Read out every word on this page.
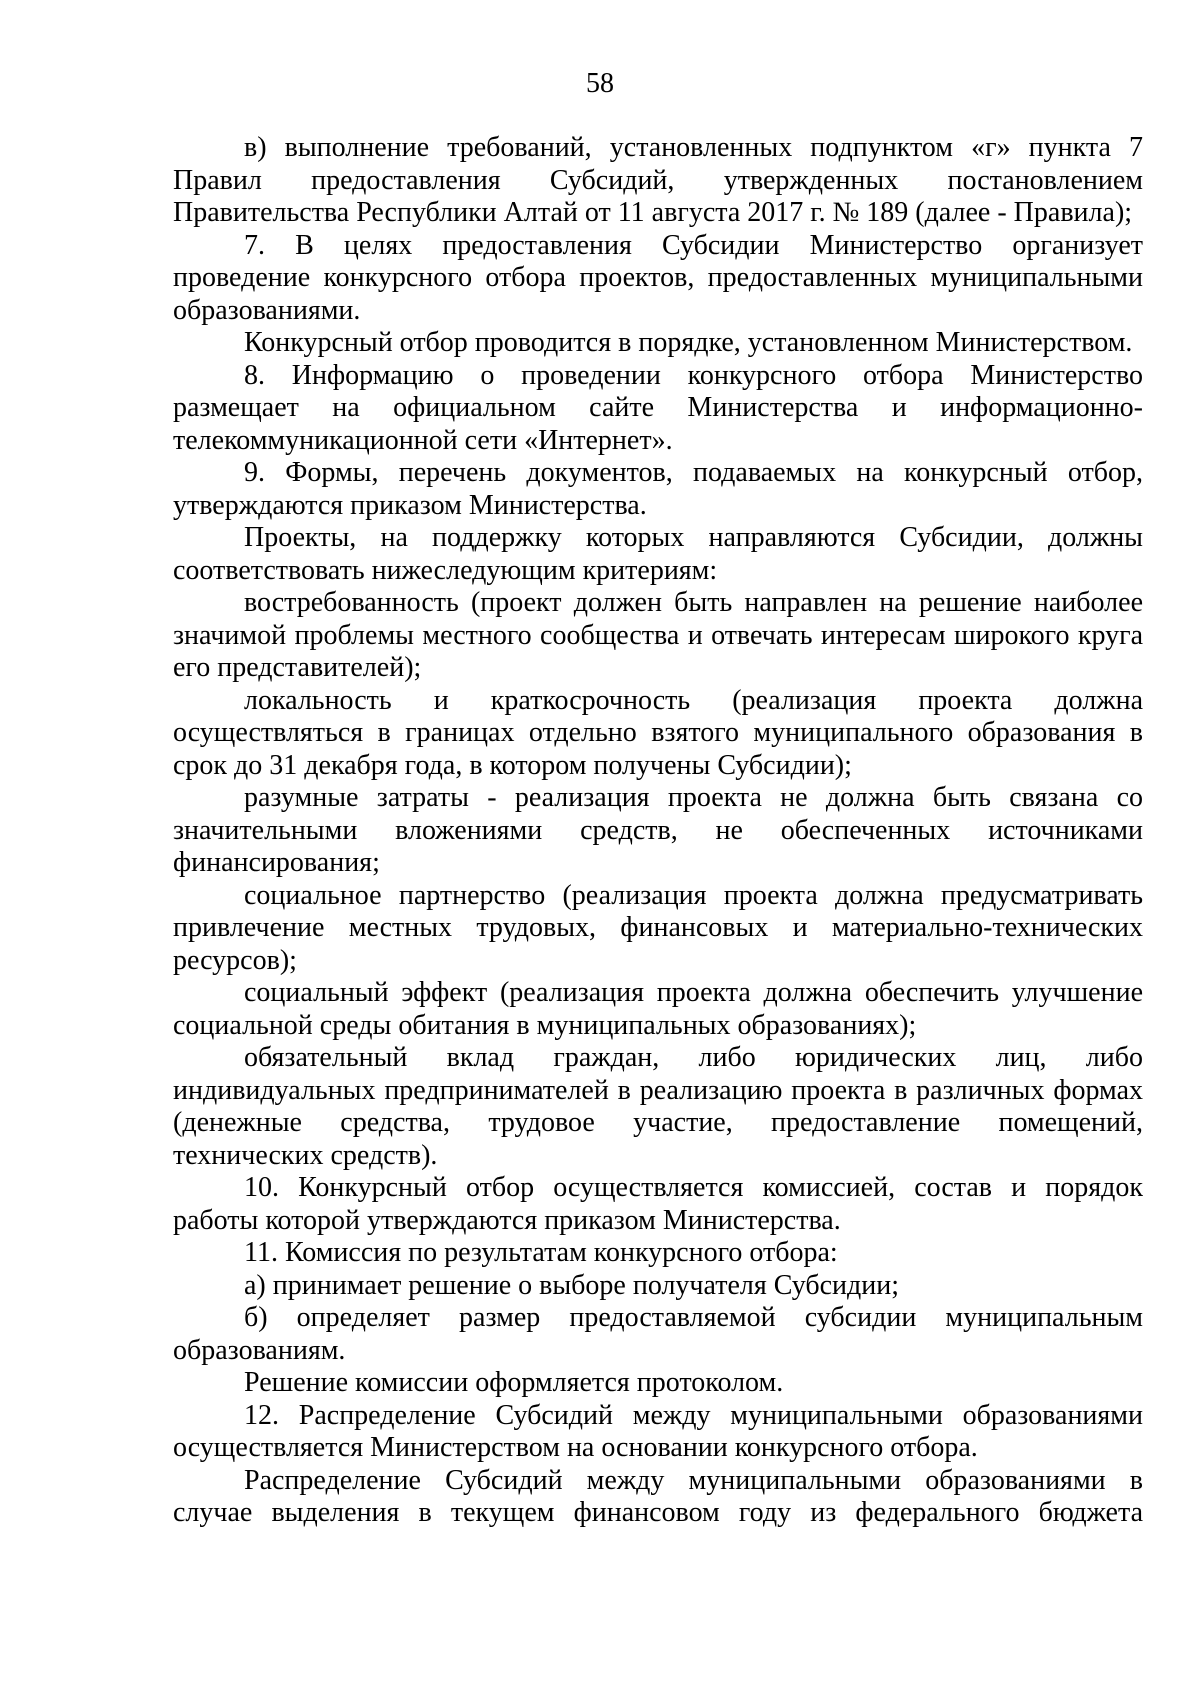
58

в) выполнение требований, установленных подпунктом «г» пункта 7 Правил предоставления Субсидий, утвержденных постановлением Правительства Республики Алтай от 11 августа 2017 г. № 189 (далее - Правила);

7. В целях предоставления Субсидии Министерство организует проведение конкурсного отбора проектов, предоставленных муниципальными образованиями.

Конкурсный отбор проводится в порядке, установленном Министерством.

8. Информацию о проведении конкурсного отбора Министерство размещает на официальном сайте Министерства и информационно-телекоммуникационной сети «Интернет».

9. Формы, перечень документов, подаваемых на конкурсный отбор, утверждаются приказом Министерства.

Проекты, на поддержку которых направляются Субсидии, должны соответствовать нижеследующим критериям:

востребованность (проект должен быть направлен на решение наиболее значимой проблемы местного сообщества и отвечать интересам широкого круга его представителей);

локальность и краткосрочность (реализация проекта должна осуществляться в границах отдельно взятого муниципального образования в срок до 31 декабря года, в котором получены Субсидии);

разумные затраты - реализация проекта не должна быть связана со значительными вложениями средств, не обеспеченных источниками финансирования;

социальное партнерство (реализация проекта должна предусматривать привлечение местных трудовых, финансовых и материально-технических ресурсов);

социальный эффект (реализация проекта должна обеспечить улучшение социальной среды обитания в муниципальных образованиях);

обязательный вклад граждан, либо юридических лиц, либо индивидуальных предпринимателей в реализацию проекта в различных формах (денежные средства, трудовое участие, предоставление помещений, технических средств).

10. Конкурсный отбор осуществляется комиссией, состав и порядок работы которой утверждаются приказом Министерства.

11. Комиссия по результатам конкурсного отбора:

а) принимает решение о выборе получателя Субсидии;

б) определяет размер предоставляемой субсидии муниципальным образованиям.

Решение комиссии оформляется протоколом.

12. Распределение Субсидий между муниципальными образованиями осуществляется Министерством на основании конкурсного отбора.

Распределение Субсидий между муниципальными образованиями в случае выделения в текущем финансовом году из федерального бюджета
